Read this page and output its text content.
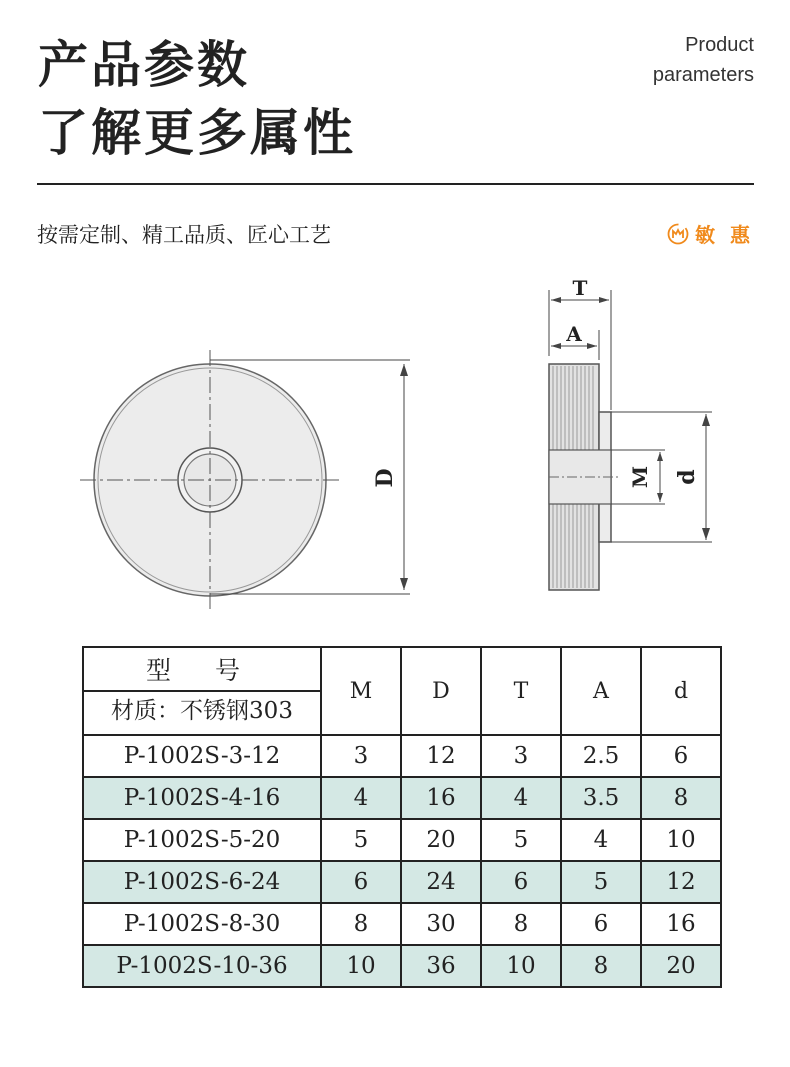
产品参数
了解更多属性
Product
parameters
按需定制、精工品质、匠心工艺	敏 惠
D
T
A
M d
型 号
材质：不锈钢303	M	D	T	A	d
P-1002S-3-12	3	12	3	2.5	6
P-1002S-4-16	4	16	4	3.5	8
P-1002S-5-20	5	20	5	4	10
P-1002S-6-24	6	24	6	5	12
P-1002S-8-30	8	30	8	6	16
P-1002S-10-36	10	36	10	8	20
